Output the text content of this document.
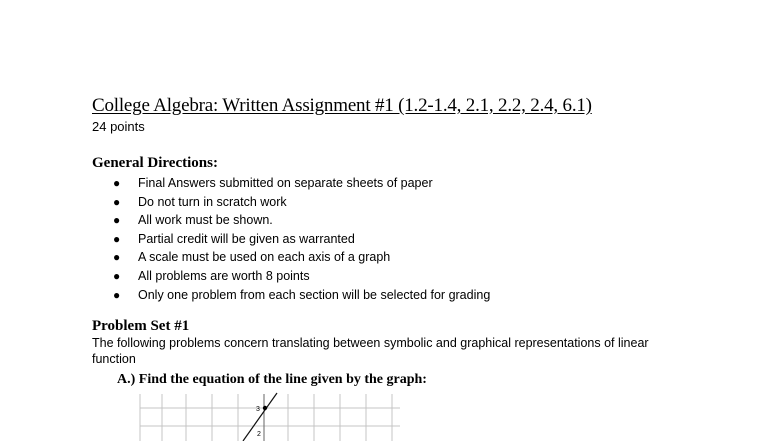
College Algebra: Written Assignment #1 (1.2-1.4, 2.1, 2.2, 2.4, 6.1)
24 points
General Directions:
● Final Answers submitted on separate sheets of paper
● Do not turn in scratch work
● All work must be shown.
● Partial credit will be given as warranted
● A scale must be used on each axis of a graph
● All problems are worth 8 points
● Only one problem from each section will be selected for grading
Problem Set #1
The following problems concern translating between symbolic and graphical representations of linear function
A.) Find the equation of the line given by the graph:
3
2
